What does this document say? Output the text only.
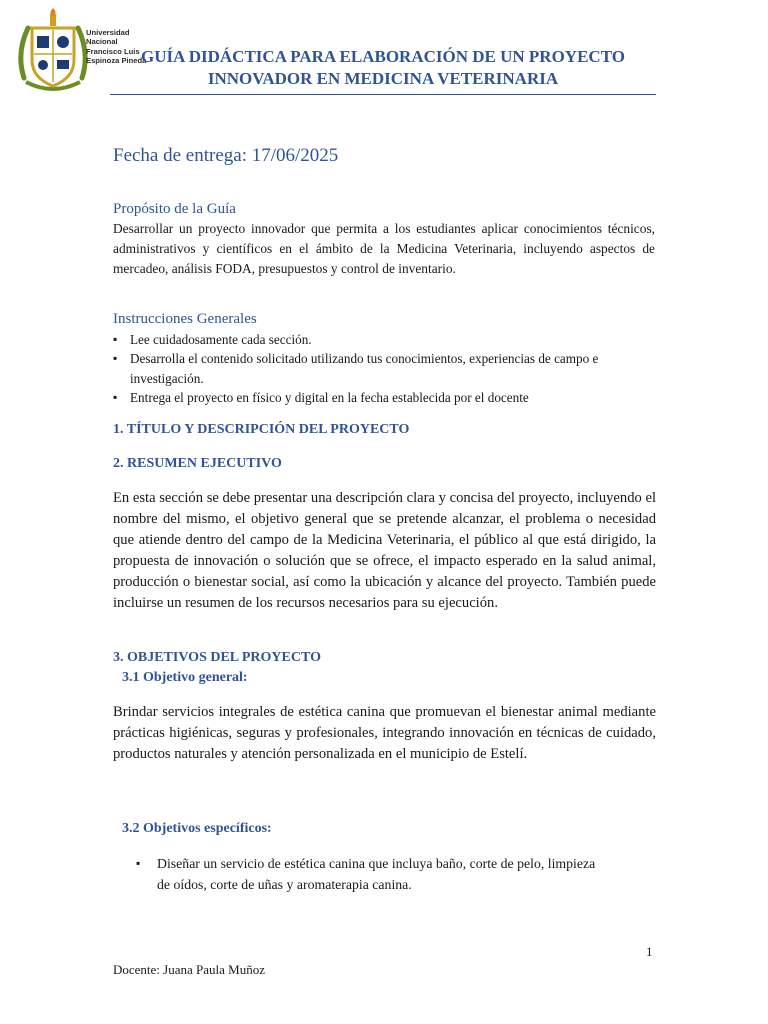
Universidad
Nacional
Francisco Luis
Espinoza Pineda
GUÍA DIDÁCTICA PARA ELABORACIÓN DE UN PROYECTO
INNOVADOR EN MEDICINA VETERINARIA
Fecha de entrega: 17/06/2025
Propósito de la Guía
Desarrollar un proyecto innovador que permita a los estudiantes aplicar conocimientos técnicos, administrativos y científicos en el ámbito de la Medicina Veterinaria, incluyendo aspectos de mercadeo, análisis FODA, presupuestos y control de inventario.
Instrucciones Generales
▪ Lee cuidadosamente cada sección.
▪ Desarrolla el contenido solicitado utilizando tus conocimientos, experiencias de campo e investigación.
▪ Entrega el proyecto en físico y digital en la fecha establecida por el docente
1. TÍTULO Y DESCRIPCIÓN DEL PROYECTO
2. RESUMEN EJECUTIVO
En esta sección se debe presentar una descripción clara y concisa del proyecto, incluyendo el nombre del mismo, el objetivo general que se pretende alcanzar, el problema o necesidad que atiende dentro del campo de la Medicina Veterinaria, el público al que está dirigido, la propuesta de innovación o solución que se ofrece, el impacto esperado en la salud animal, producción o bienestar social, así como la ubicación y alcance del proyecto. También puede incluirse un resumen de los recursos necesarios para su ejecución.
3. OBJETIVOS DEL PROYECTO
3.1 Objetivo general:
Brindar servicios integrales de estética canina que promuevan el bienestar animal mediante prácticas higiénicas, seguras y profesionales, integrando innovación en técnicas de cuidado, productos naturales y atención personalizada en el municipio de Estelí.
3.2 Objetivos específicos:
▪ Diseñar un servicio de estética canina que incluya baño, corte de pelo, limpieza de oídos, corte de uñas y aromaterapia canina.
1
Docente: Juana Paula Muñoz
